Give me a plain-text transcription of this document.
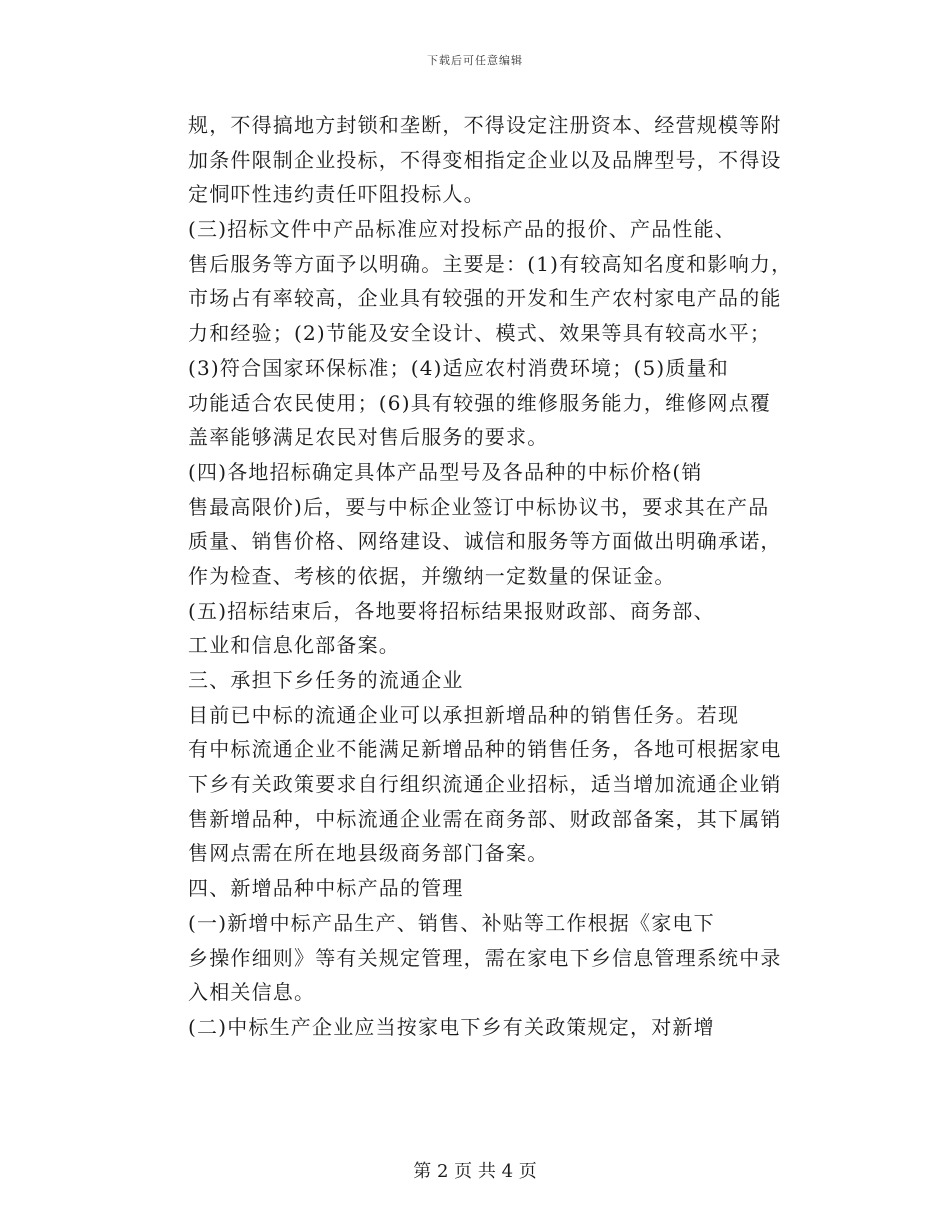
下载后可任意编辑
规，不得搞地方封锁和垄断，不得设定注册资本、经营规模等附
加条件限制企业投标，不得变相指定企业以及品牌型号，不得设
定恫吓性违约责任吓阻投标人。
(三)招标文件中产品标准应对投标产品的报价、产品性能、
售后服务等方面予以明确。主要是：(1)有较高知名度和影响力，
市场占有率较高，企业具有较强的开发和生产农村家电产品的能
力和经验；(2)节能及安全设计、模式、效果等具有较高水平；
(3)符合国家环保标准；(4)适应农村消费环境；(5)质量和
功能适合农民使用；(6)具有较强的维修服务能力，维修网点覆
盖率能够满足农民对售后服务的要求。
(四)各地招标确定具体产品型号及各品种的中标价格(销
售最高限价)后，要与中标企业签订中标协议书，要求其在产品
质量、销售价格、网络建设、诚信和服务等方面做出明确承诺，
作为检查、考核的依据，并缴纳一定数量的保证金。
(五)招标结束后，各地要将招标结果报财政部、商务部、
工业和信息化部备案。
三、承担下乡任务的流通企业
目前已中标的流通企业可以承担新增品种的销售任务。若现
有中标流通企业不能满足新增品种的销售任务，各地可根据家电
下乡有关政策要求自行组织流通企业招标，适当增加流通企业销
售新增品种，中标流通企业需在商务部、财政部备案，其下属销
售网点需在所在地县级商务部门备案。
四、新增品种中标产品的管理
(一)新增中标产品生产、销售、补贴等工作根据《家电下
乡操作细则》等有关规定管理，需在家电下乡信息管理系统中录
入相关信息。
(二)中标生产企业应当按家电下乡有关政策规定，对新增
第 2 页 共 4 页
